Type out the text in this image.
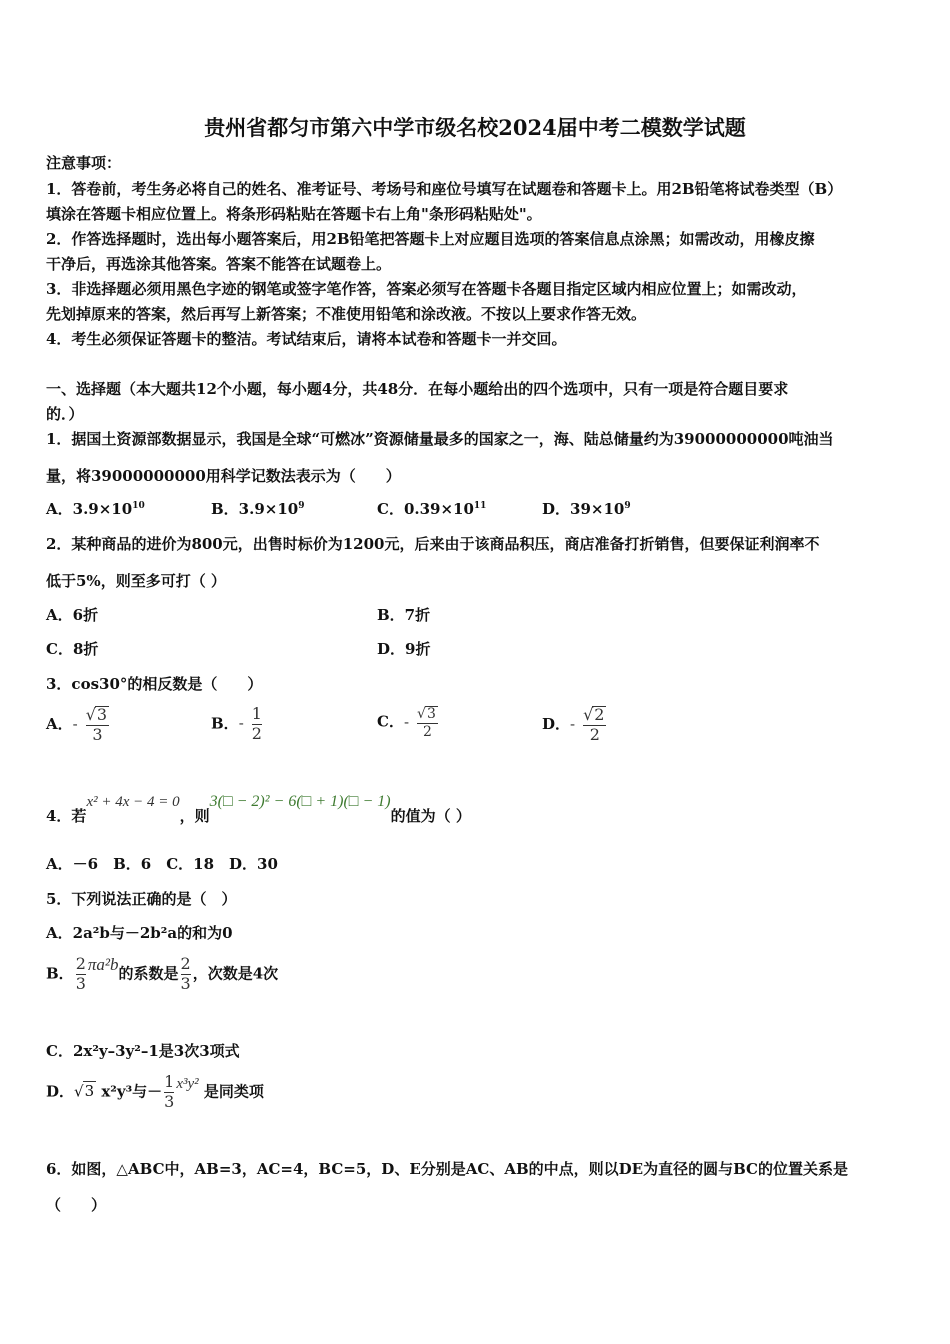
贵州省都匀市第六中学市级名校2024届中考二模数学试题
注意事项：
1．答卷前，考生务必将自己的姓名、准考证号、考场号和座位号填写在试题卷和答题卡上。用2B铅笔将试卷类型（B）
填涂在答题卡相应位置上。将条形码粘贴在答题卡右上角"条形码粘贴处"。
2．作答选择题时，选出每小题答案后，用2B铅笔把答题卡上对应题目选项的答案信息点涂黑；如需改动，用橡皮擦
干净后，再选涂其他答案。答案不能答在试题卷上。
3．非选择题必须用黑色字迹的钢笔或签字笔作答，答案必须写在答题卡各题目指定区域内相应位置上；如需改动，
先划掉原来的答案，然后再写上新答案；不准使用铅笔和涂改液。不按以上要求作答无效。
4．考生必须保证答题卡的整洁。考试结束后，请将本试卷和答题卡一并交回。
一、选择题（本大题共12个小题，每小题4分，共48分．在每小题给出的四个选项中，只有一项是符合题目要求
的．）
1．据国土资源部数据显示，我国是全球“可燃冰”资源储量最多的国家之一，海、陆总储量约为39000000000吨油当
量，将39000000000用科学记数法表示为（　　）
A．$3.9\times 10^{10}$	B．$3.9\times 10^9$	C．$0.39\times 10^{11}$	D．$39\times 10^9$
2．某种商品的进价为800元，出售时标价为1200元，后来由于该商品积压，商店准备打折销售，但要保证利润率不
低于5%，则至多可打（ ）
A．6折	B．7折
C．8折	D．9折
3．cos30°的相反数是（　　）
A．- $\frac{√3}{3}$	B．- $\frac{1}{2}$	C．- $\frac{√3}{2}$	D．- $\frac{√2}{2}$
4．若x² + 4x − 4 = 0，则3(□ − 2)² − 6(□ + 1)(□ − 1)的值为（ ）
A．－6　B．6　C．18　D．30
5．下列说法正确的是（　）
A．2a²b与－2b²a的和为0
B． $\frac{2}{3} \pi a^2b$的系数是 $\frac{2}{3}$ ，次数是4次
C．2x²y–3y²–1是3次3项式
D．√3 x²y³与－ $\frac{1}{3} x^3y^2$ 是同类项
6．如图，△ABC中，AB=3，AC=4，BC=5，D、E分别是AC、AB的中点，则以DE为直径的圆与BC的位置关系是
（　　）
